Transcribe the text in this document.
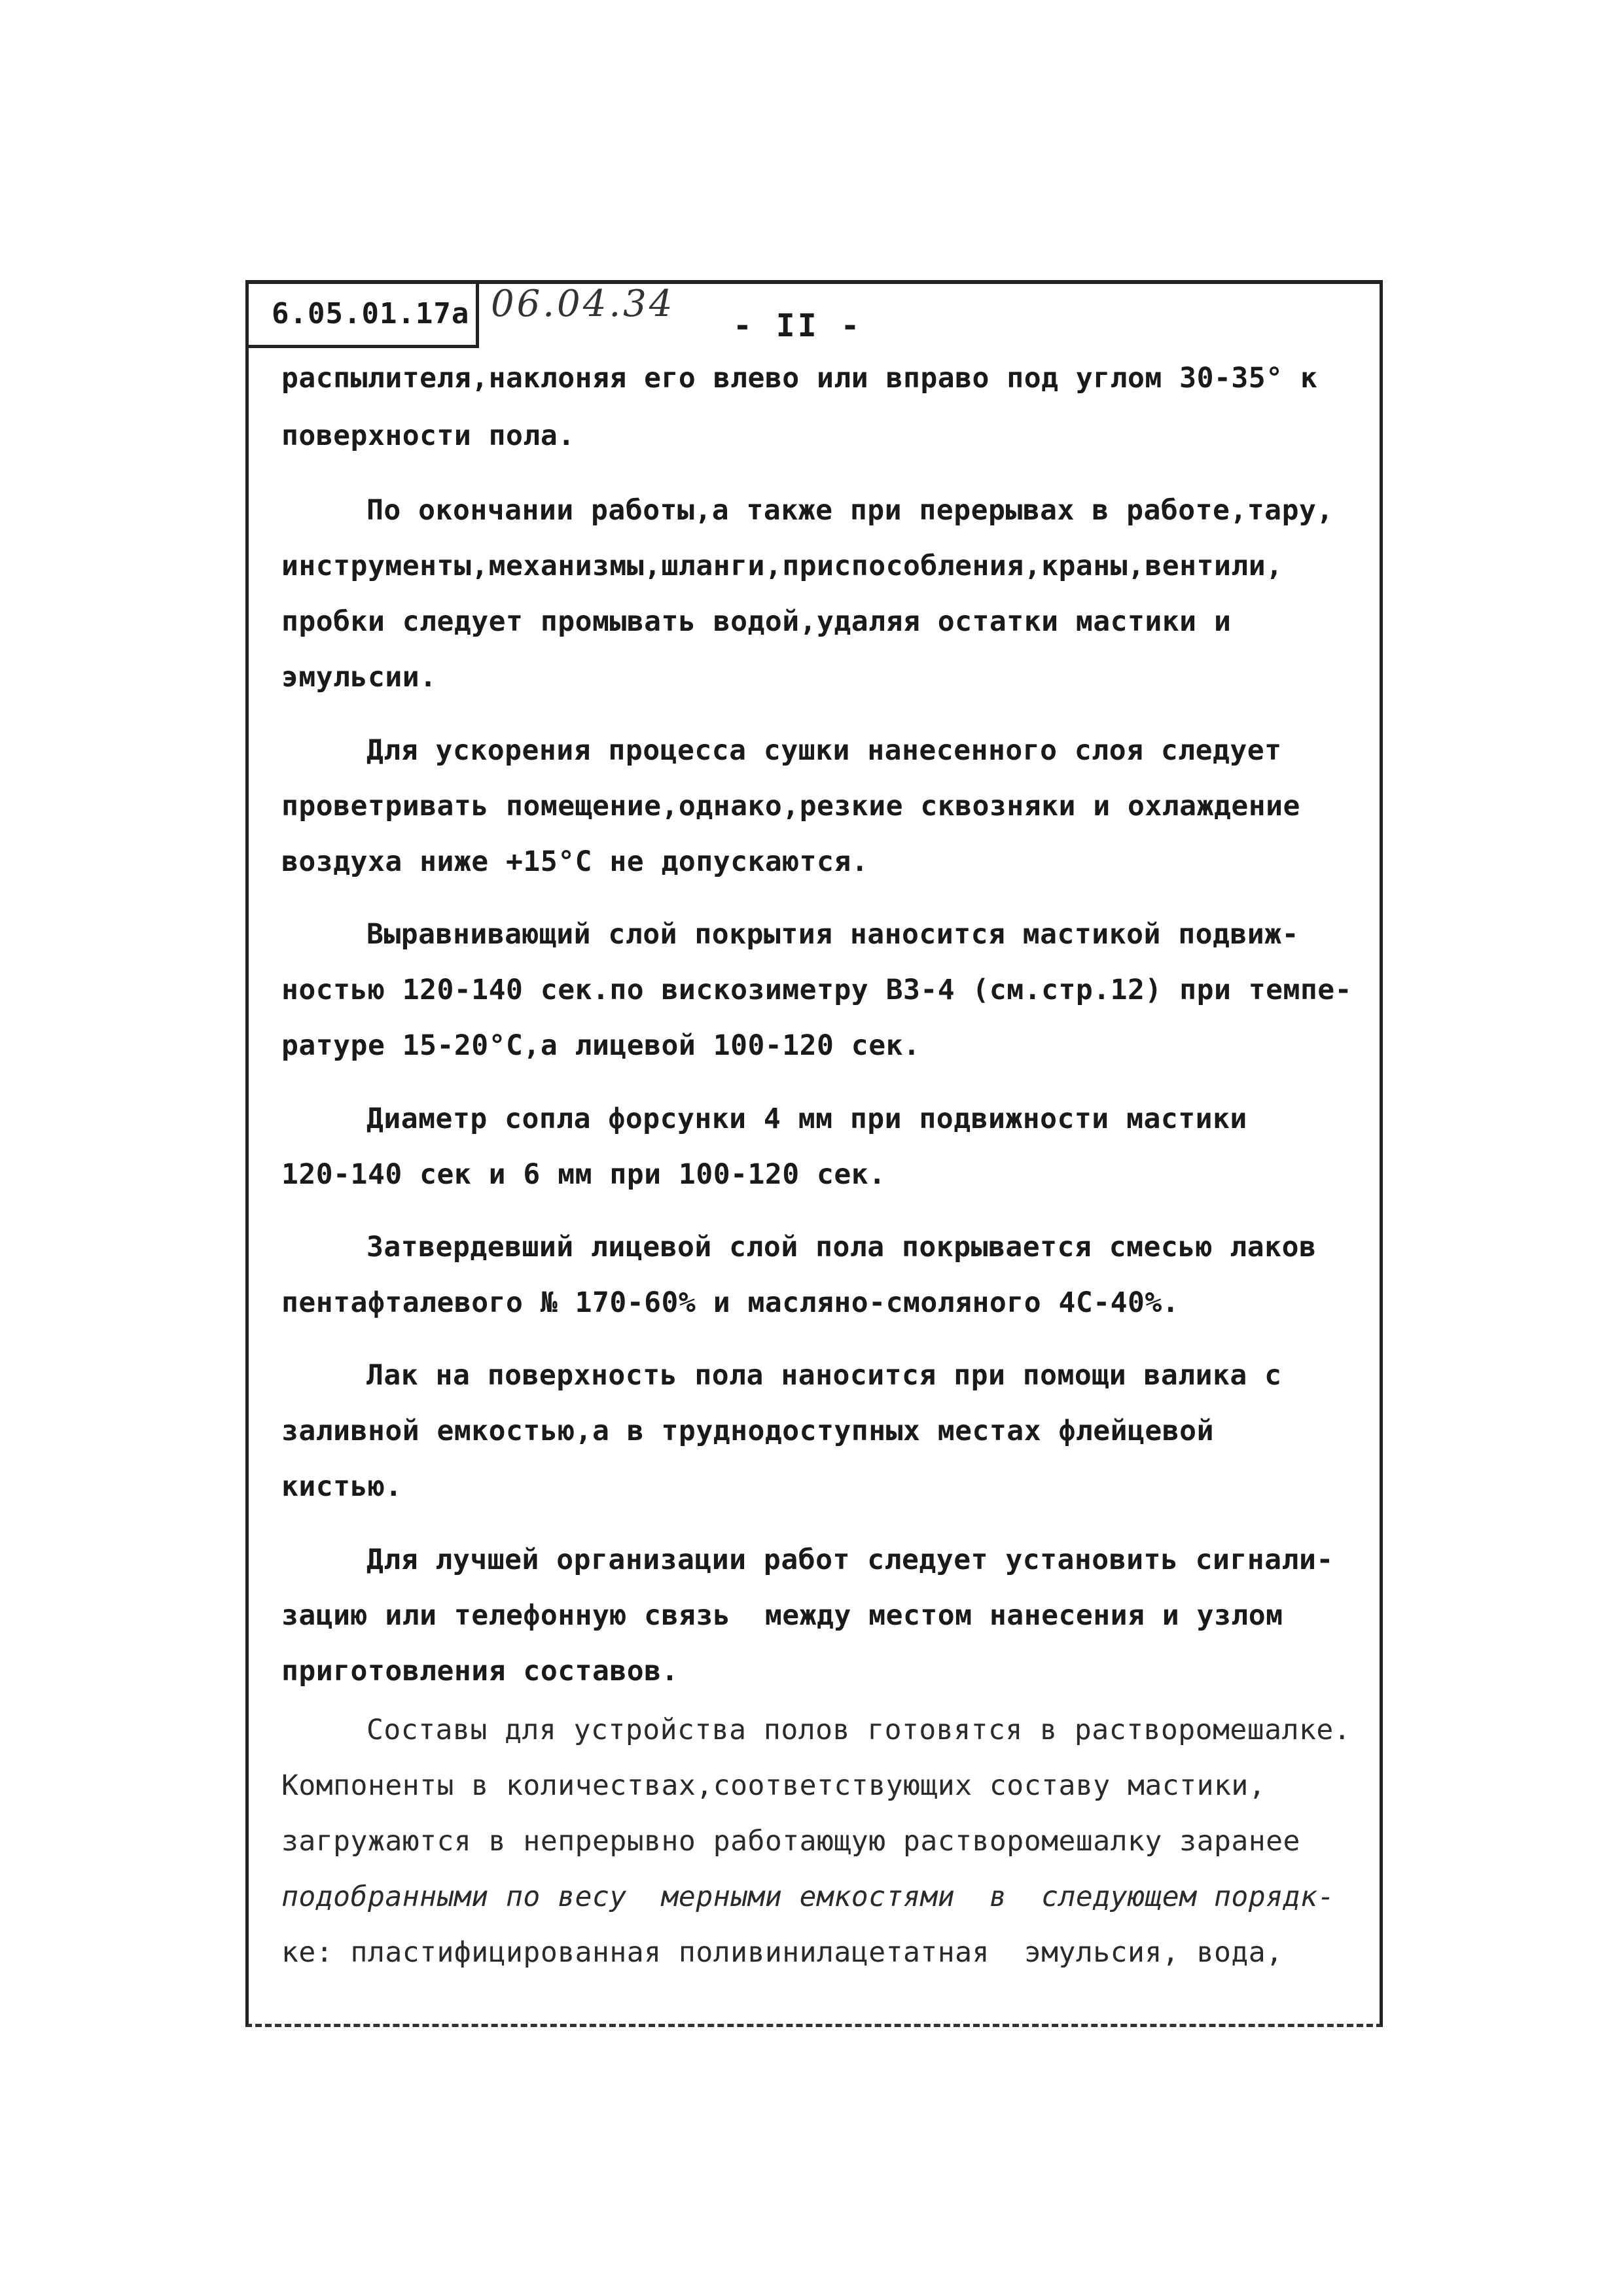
6.05.01.17а 06.04.34
- II -
распылителя,наклоняя его влево или вправо под углом 30-35° к
поверхности пола.
По окончании работы,а также при перерывах в работе,тару,
инструменты,механизмы,шланги,приспособления,краны,вентили,
пробки следует промывать водой,удаляя остатки мастики и
эмульсии.
Для ускорения процесса сушки нанесенного слоя следует
проветривать помещение,однако,резкие сквозняки и охлаждение
воздуха ниже +15°С не допускаются.
Выравнивающий слой покрытия наносится мастикой подвиж-
ностью 120-140 сек.по вискозиметру ВЗ-4 (см.стр.12) при темпе-
ратуре 15-20°С,а лицевой 100-120 сек.
Диаметр сопла форсунки 4 мм при подвижности мастики
120-140 сек и 6 мм при 100-120 сек.
Затвердевший лицевой слой пола покрывается смесью лаков
пентафталевого № 170-60% и масляно-смоляного 4С-40%.
Лак на поверхность пола наносится при помощи валика с
заливной емкостью,а в труднодоступных местах флейцевой
кистью.
Для лучшей организации работ следует установить сигнали-
зацию или телефонную связь  между местом нанесения и узлом
приготовления составов.
Составы для устройства полов готовятся в растворомешалке.
Компоненты в количествах,соответствующих составу мастики,
загружаются в непрерывно работающую растворомешалку заранее
подобранными по весу  мерными емкостями  в  следующем порядк-
ке: пластифицированная поливинилацетатная  эмульсия, вода,
